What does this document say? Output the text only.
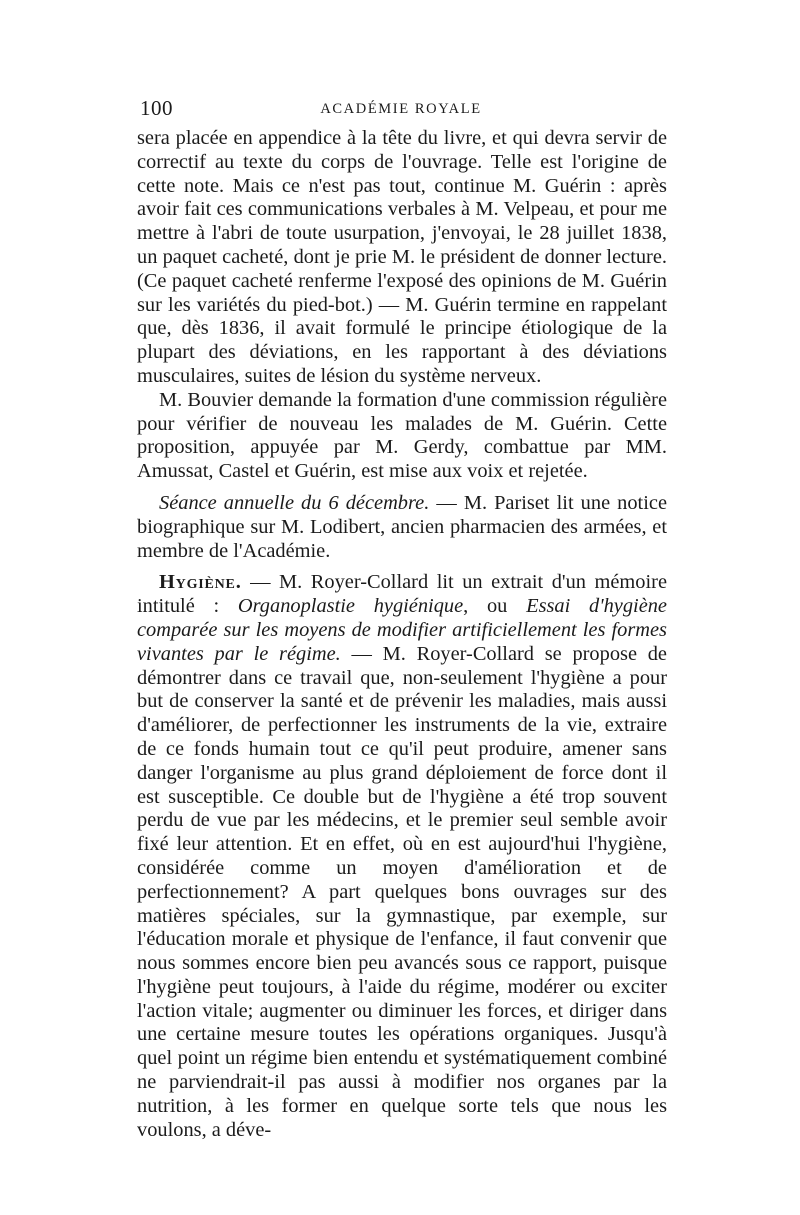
100	ACADÉMIE ROYALE

sera placée en appendice à la tête du livre, et qui devra servir de correctif au texte du corps de l'ouvrage. Telle est l'origine de cette note. Mais ce n'est pas tout, continue M. Guérin : après avoir fait ces communications verbales à M. Velpeau, et pour me mettre à l'abri de toute usurpation, j'envoyai, le 28 juillet 1838, un paquet cacheté, dont je prie M. le président de donner lecture. (Ce paquet cacheté renferme l'exposé des opinions de M. Guérin sur les variétés du pied-bot.) — M. Guérin termine en rappelant que, dès 1836, il avait formulé le principe étiologique de la plupart des déviations, en les rapportant à des déviations musculaires, suites de lésion du système nerveux.

M. Bouvier demande la formation d'une commission régulière pour vérifier de nouveau les malades de M. Guérin. Cette proposition, appuyée par M. Gerdy, combattue par MM. Amussat, Castel et Guérin, est mise aux voix et rejetée.

Séance annuelle du 6 décembre. — M. Pariset lit une notice biographique sur M. Lodibert, ancien pharmacien des armées, et membre de l'Académie.

Hygiène. — M. Royer-Collard lit un extrait d'un mémoire intitulé : Organoplastie hygiénique, ou Essai d'hygiène comparée sur les moyens de modifier artificiellement les formes vivantes par le régime. — M. Royer-Collard se propose de démontrer dans ce travail que, non-seulement l'hygiène a pour but de conserver la santé et de prévenir les maladies, mais aussi d'améliorer, de perfectionner les instruments de la vie, extraire de ce fonds humain tout ce qu'il peut produire, amener sans danger l'organisme au plus grand déploiement de force dont il est susceptible. Ce double but de l'hygiène a été trop souvent perdu de vue par les médecins, et le premier seul semble avoir fixé leur attention. Et en effet, où en est aujourd'hui l'hygiène, considérée comme un moyen d'amélioration et de perfectionnement? A part quelques bons ouvrages sur des matières spéciales, sur la gymnastique, par exemple, sur l'éducation morale et physique de l'enfance, il faut convenir que nous sommes encore bien peu avancés sous ce rapport, puisque l'hygiène peut toujours, à l'aide du régime, modérer ou exciter l'action vitale; augmenter ou diminuer les forces, et diriger dans une certaine mesure toutes les opérations organiques. Jusqu'à quel point un régime bien entendu et systématiquement combiné ne parviendrait-il pas aussi à modifier nos organes par la nutrition, à les former en quelque sorte tels que nous les voulons, a déve-
